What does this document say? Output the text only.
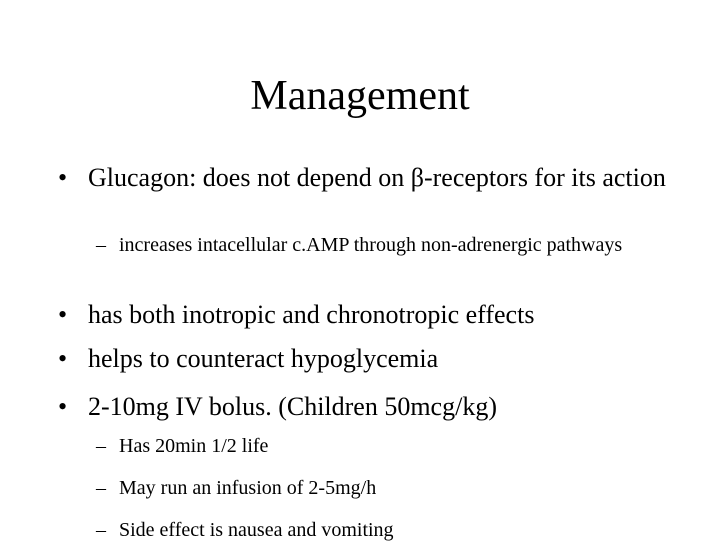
Management
• Glucagon: does not depend on β-receptors for its action
– increases intacellular c.AMP through non-adrenergic pathways
• has both inotropic and chronotropic effects
• helps to counteract hypoglycemia
• 2-10mg IV bolus. (Children 50mcg/kg)
– Has 20min 1/2 life
– May run an infusion of 2-5mg/h
– Side effect is nausea and vomiting
